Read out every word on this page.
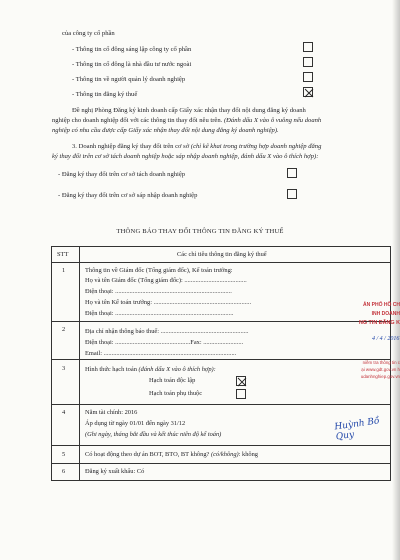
của công ty cổ phần
- Thông tin cổ đông sáng lập công ty cổ phần
- Thông tin cổ đông là nhà đầu tư nước ngoài
- Thông tin về người quản lý doanh nghiệp
- Thông tin đăng ký thuế
Đề nghị Phòng Đăng ký kinh doanh cấp Giấy xác nhận thay đổi nội dung đăng ký doanh
nghiệp cho doanh nghiệp đối với các thông tin thay đổi nêu trên. (Đánh dấu X vào ô vuông nếu doanh
nghiệp có nhu cầu được cấp Giấy xác nhận thay đổi nội dung đăng ký doanh nghiệp).
3. Doanh nghiệp đăng ký thay đổi trên cơ sở (chỉ kê khai trong trường hợp doanh nghiệp đăng
ký thay đổi trên cơ sở tách doanh nghiệp hoặc sáp nhập doanh nghiệp, đánh dấu X vào ô thích hợp):
- Đăng ký thay đổi trên cơ sở tách doanh nghiệp
- Đăng ký thay đổi trên cơ sở sáp nhập doanh nghiệp
THÔNG BÁO THAY ĐỔI THÔNG TIN ĐĂNG KÝ THUẾ
STT	Các chỉ tiêu thông tin đăng ký thuế
1	Thông tin về Giám đốc (Tổng giám đốc), Kế toán trưởng:
Họ và tên Giám đốc (Tổng giám đốc): .......................................
Điện thoại: .........................................................................
Họ và tên Kế toán trưởng: .............................................................
Điện thoại: ..........................................................................
2	Địa chỉ nhận thông báo thuế: .......................................................
Điện thoại: ...............................................Fax: .........................
Email: ...................................................................................
3	Hình thức hạch toán (đánh dấu X vào ô thích hợp):
Hạch toán độc lập
Hạch toán phụ thuộc
4	Năm tài chính: 2016
Áp dụng từ ngày 01/01 đến ngày 31/12
(Ghi ngày, tháng bắt đầu và kết thúc niên độ kế toán)
5	Có hoạt động theo dự án BOT, BTO, BT không? (có/không): không
6	Đăng ký xuất khẩu: Có
ẢN PHỐ HỒ CH
INH DOANH
NG TIN ĐĂNG K
niềm tra thông tin c
ại www.gdt.gov.vn h
udanhnghiep.gov.vn
4 / 4 / 2016
Huỳnh Bồ Quy
